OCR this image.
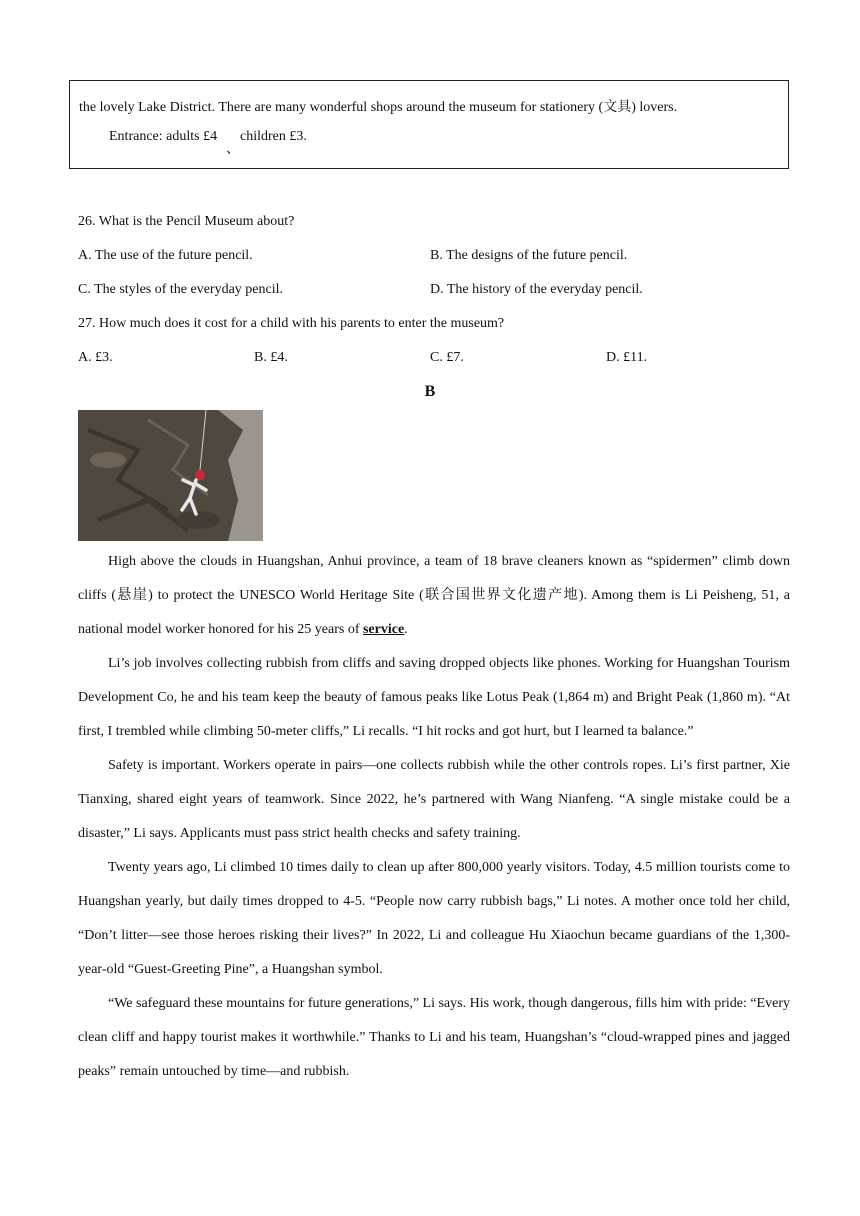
the lovely Lake District. There are many wonderful shops around the museum for stationery (文具) lovers.

Entrance: adults £4

、

children £3.

26. What is the Pencil Museum about?

A. The use of the future pencil.	B. The designs of the future pencil.
C. The styles of the everyday pencil.	D. The history of the everyday pencil.

27. How much does it cost for a child with his parents to enter the museum?

A. £3.	B. £4.	C. £7.	D. £11.
B

High above the clouds in Huangshan, Anhui province, a team of 18 brave cleaners known as “spidermen” climb down cliffs (悬崖) to protect the UNESCO World Heritage Site (联合国世界文化遗产地). Among them is Li Peisheng, 51, a national model worker honored for his 25 years of service.

Li’s job involves collecting rubbish from cliffs and saving dropped objects like phones. Working for Huangshan Tourism Development Co, he and his team keep the beauty of famous peaks like Lotus Peak (1,864 m) and Bright Peak (1,860 m). “At first, I trembled while climbing 50-meter cliffs,” Li recalls. “I hit rocks and got hurt, but I learned ta balance.”

Safety is important. Workers operate in pairs—one collects rubbish while the other controls ropes. Li’s first partner, Xie Tianxing, shared eight years of teamwork. Since 2022, he’s partnered with Wang Nianfeng. “A single mistake could be a disaster,” Li says. Applicants must pass strict health checks and safety training.

Twenty years ago, Li climbed 10 times daily to clean up after 800,000 yearly visitors. Today, 4.5 million tourists come to Huangshan yearly, but daily times dropped to 4-5. “People now carry rubbish bags,” Li notes. A mother once told her child, “Don’t litter—see those heroes risking their lives?” In 2022, Li and colleague Hu Xiaochun became guardians of the 1,300-year-old “Guest-Greeting Pine”, a Huangshan symbol.

“We safeguard these mountains for future generations,” Li says. His work, though dangerous, fills him with pride: “Every clean cliff and happy tourist makes it worthwhile.” Thanks to Li and his team, Huangshan’s “cloud-wrapped pines and jagged peaks” remain untouched by time—and rubbish.
